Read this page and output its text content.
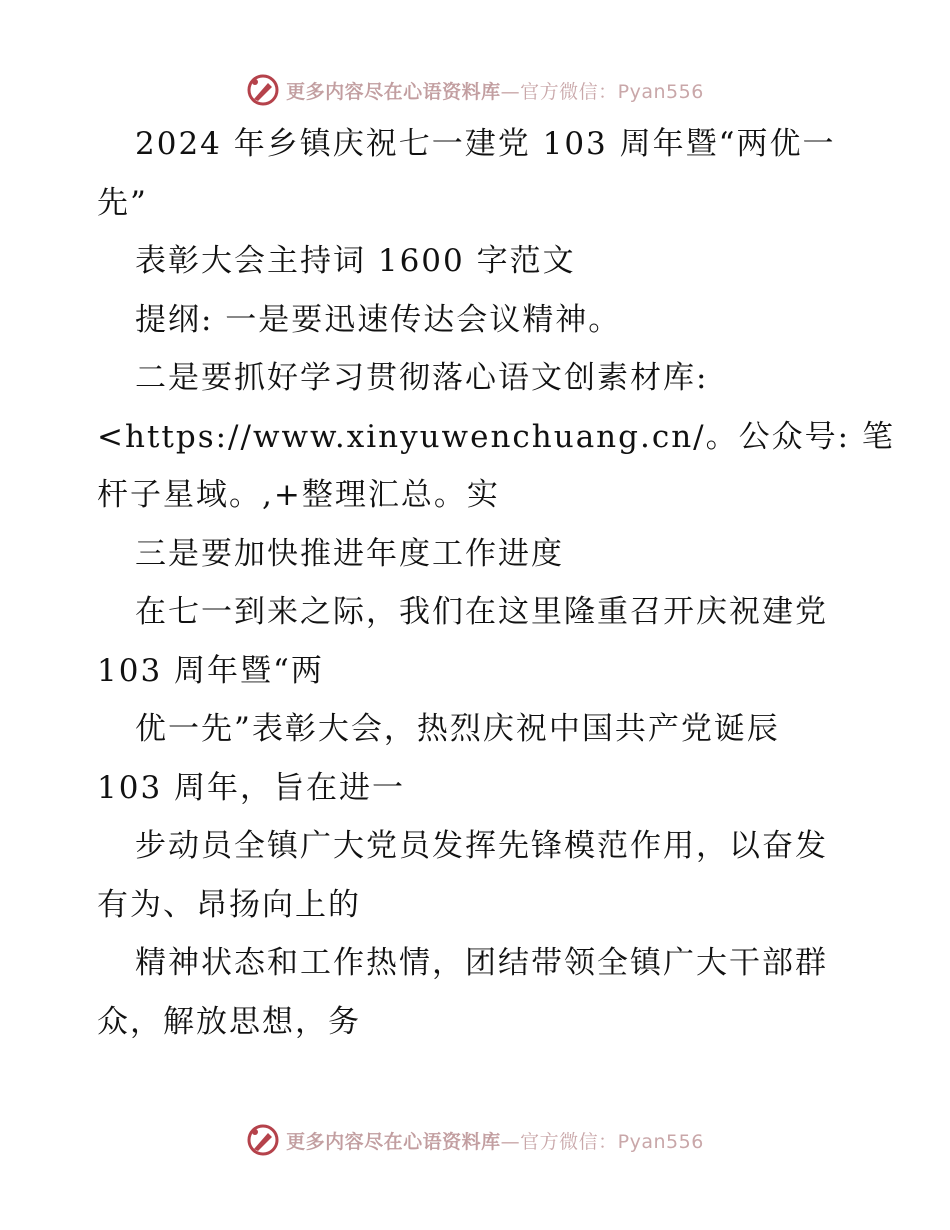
更多内容尽在心语资料库—官方微信：Pyan556
2024 年乡镇庆祝七一建党 103 周年暨“两优一
先”
表彰大会主持词 1600 字范文
提纲: 一是要迅速传达会议精神。
二是要抓好学习贯彻落心语文创素材库:
<https://www.xinyuwenchuang.cn/。公众号: 笔
杆子星域。,+整理汇总。实
三是要加快推进年度工作进度
在七一到来之际，我们在这里隆重召开庆祝建党
103 周年暨“两
优一先”表彰大会，热烈庆祝中国共产党诞辰
103 周年，旨在进一
步动员全镇广大党员发挥先锋模范作用，以奋发
有为、昂扬向上的
精神状态和工作热情，团结带领全镇广大干部群
众，解放思想，务
更多内容尽在心语资料库—官方微信：Pyan556
